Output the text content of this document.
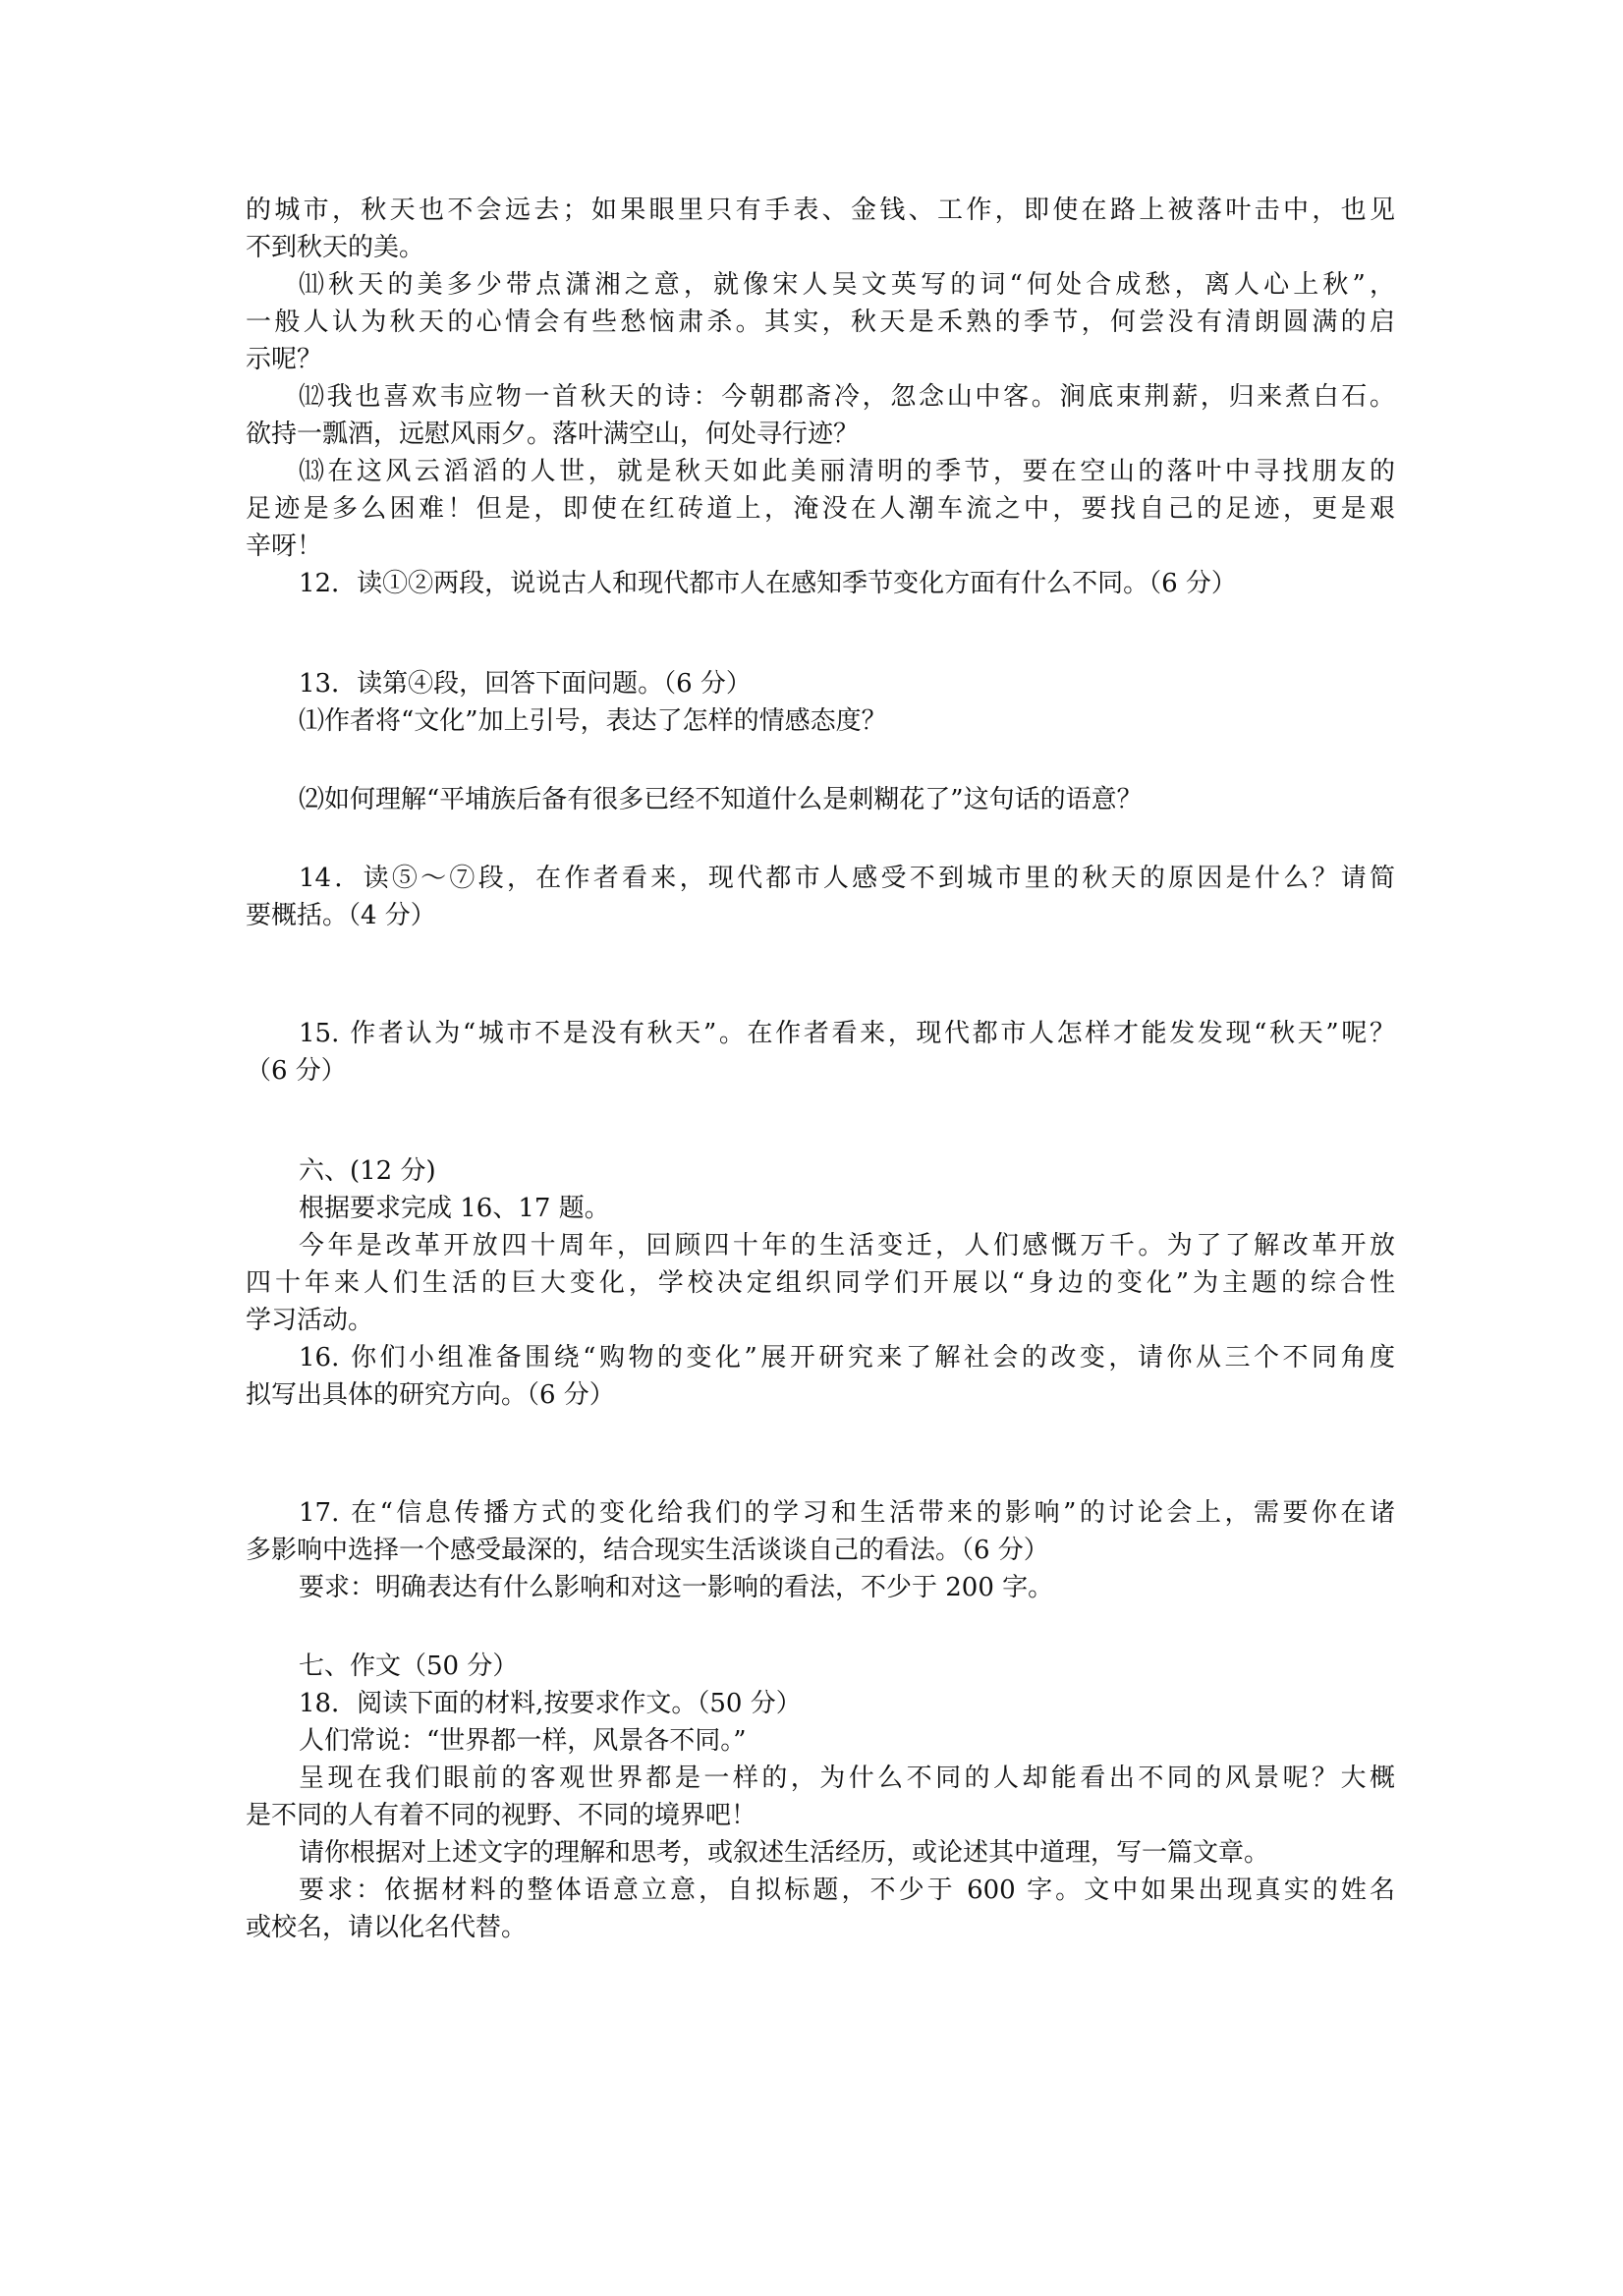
的城市，秋天也不会远去；如果眼里只有手表、金钱、工作，即使在路上被落叶击中，也见
不到秋天的美。
⑾秋天的美多少带点潇湘之意，就像宋人吴文英写的词“何处合成愁，离人心上秋”，
一般人认为秋天的心情会有些愁恼肃杀。其实，秋天是禾熟的季节，何尝没有清朗圆满的启
示呢？
⑿我也喜欢韦应物一首秋天的诗：今朝郡斋冷，忽念山中客。涧底束荆薪，归来煮白石。
欲持一瓢酒，远慰风雨夕。落叶满空山，何处寻行迹？
⒀在这风云滔滔的人世，就是秋天如此美丽清明的季节，要在空山的落叶中寻找朋友的
足迹是多么困难！但是，即使在红砖道上，淹没在人潮车流之中，要找自己的足迹，更是艰
辛呀！
12．读①②两段，说说古人和现代都市人在感知季节变化方面有什么不同。（6 分）
13．读第④段，回答下面问题。（6 分）
⑴作者将“文化”加上引号，表达了怎样的情感态度？
⑵如何理解“平埔族后备有很多已经不知道什么是刺糊花了”这句话的语意？
14．读⑤～⑦段，在作者看来，现代都市人感受不到城市里的秋天的原因是什么？请简
要概括。（4 分）
15. 作者认为“城市不是没有秋天”。在作者看来，现代都市人怎样才能发发现“秋天”呢？
（6 分）
六、(12 分)
根据要求完成 16、17 题。
今年是改革开放四十周年，回顾四十年的生活变迁，人们感慨万千。为了了解改革开放
四十年来人们生活的巨大变化，学校决定组织同学们开展以“身边的变化”为主题的综合性
学习活动。
16. 你们小组准备围绕“购物的变化”展开研究来了解社会的改变，请你从三个不同角度
拟写出具体的研究方向。（6 分）
17. 在“信息传播方式的变化给我们的学习和生活带来的影响”的讨论会上，需要你在诸
多影响中选择一个感受最深的，结合现实生活谈谈自己的看法。（6 分）
要求：明确表达有什么影响和对这一影响的看法，不少于 200 字。
七、作文（50 分）
18．阅读下面的材料,按要求作文。（50 分）
人们常说：“世界都一样，风景各不同。”
呈现在我们眼前的客观世界都是一样的，为什么不同的人却能看出不同的风景呢？大概
是不同的人有着不同的视野、不同的境界吧！
请你根据对上述文字的理解和思考，或叙述生活经历，或论述其中道理，写一篇文章。
要求：依据材料的整体语意立意，自拟标题，不少于 600 字。文中如果出现真实的姓名
或校名，请以化名代替。
